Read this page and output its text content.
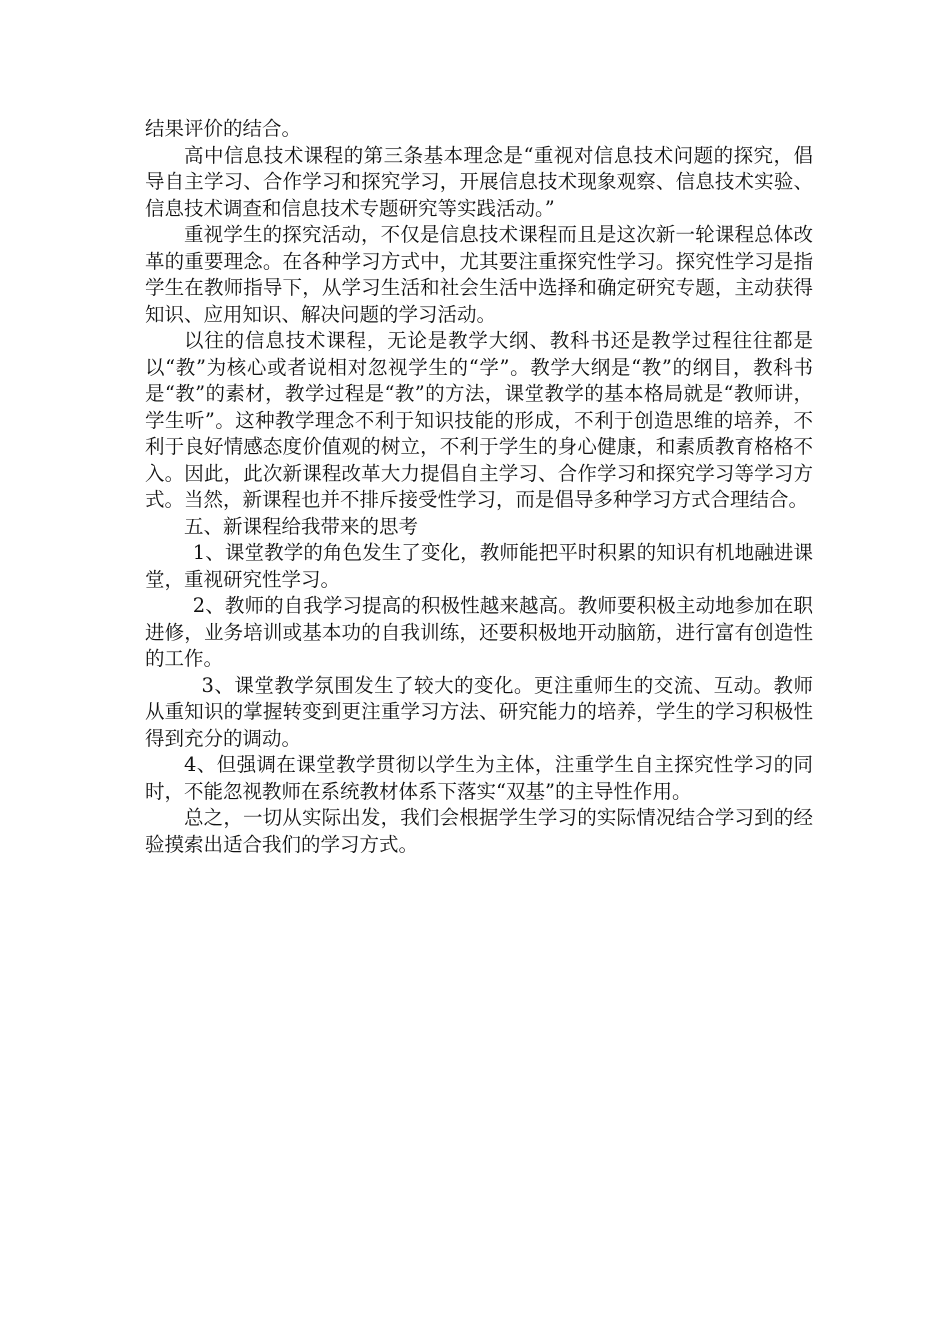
结果评价的结合。

高中信息技术课程的第三条基本理念是“重视对信息技术问题的探究，倡导自主学习、合作学习和探究学习，开展信息技术现象观察、信息技术实验、信息技术调查和信息技术专题研究等实践活动。”

重视学生的探究活动，不仅是信息技术课程而且是这次新一轮课程总体改革的重要理念。在各种学习方式中，尤其要注重探究性学习。探究性学习是指学生在教师指导下，从学习生活和社会生活中选择和确定研究专题，主动获得知识、应用知识、解决问题的学习活动。

以往的信息技术课程，无论是教学大纲、教科书还是教学过程往往都是以“教”为核心或者说相对忽视学生的“学”。教学大纲是“教”的纲目，教科书是“教”的素材，教学过程是“教”的方法，课堂教学的基本格局就是“教师讲，学生听”。这种教学理念不利于知识技能的形成，不利于创造思维的培养，不利于良好情感态度价值观的树立，不利于学生的身心健康，和素质教育格格不入。因此，此次新课程改革大力提倡自主学习、合作学习和探究学习等学习方式。当然，新课程也并不排斥接受性学习，而是倡导多种学习方式合理结合。

五、新课程给我带来的思考

1、课堂教学的角色发生了变化，教师能把平时积累的知识有机地融进课堂，重视研究性学习。

2、教师的自我学习提高的积极性越来越高。教师要积极主动地参加在职进修，业务培训或基本功的自我训练，还要积极地开动脑筋，进行富有创造性的工作。

3、课堂教学氛围发生了较大的变化。更注重师生的交流、互动。教师从重知识的掌握转变到更注重学习方法、研究能力的培养，学生的学习积极性得到充分的调动。

4、但强调在课堂教学贯彻以学生为主体，注重学生自主探究性学习的同时，不能忽视教师在系统教材体系下落实“双基”的主导性作用。

总之，一切从实际出发，我们会根据学生学习的实际情况结合学习到的经验摸索出适合我们的学习方式。
